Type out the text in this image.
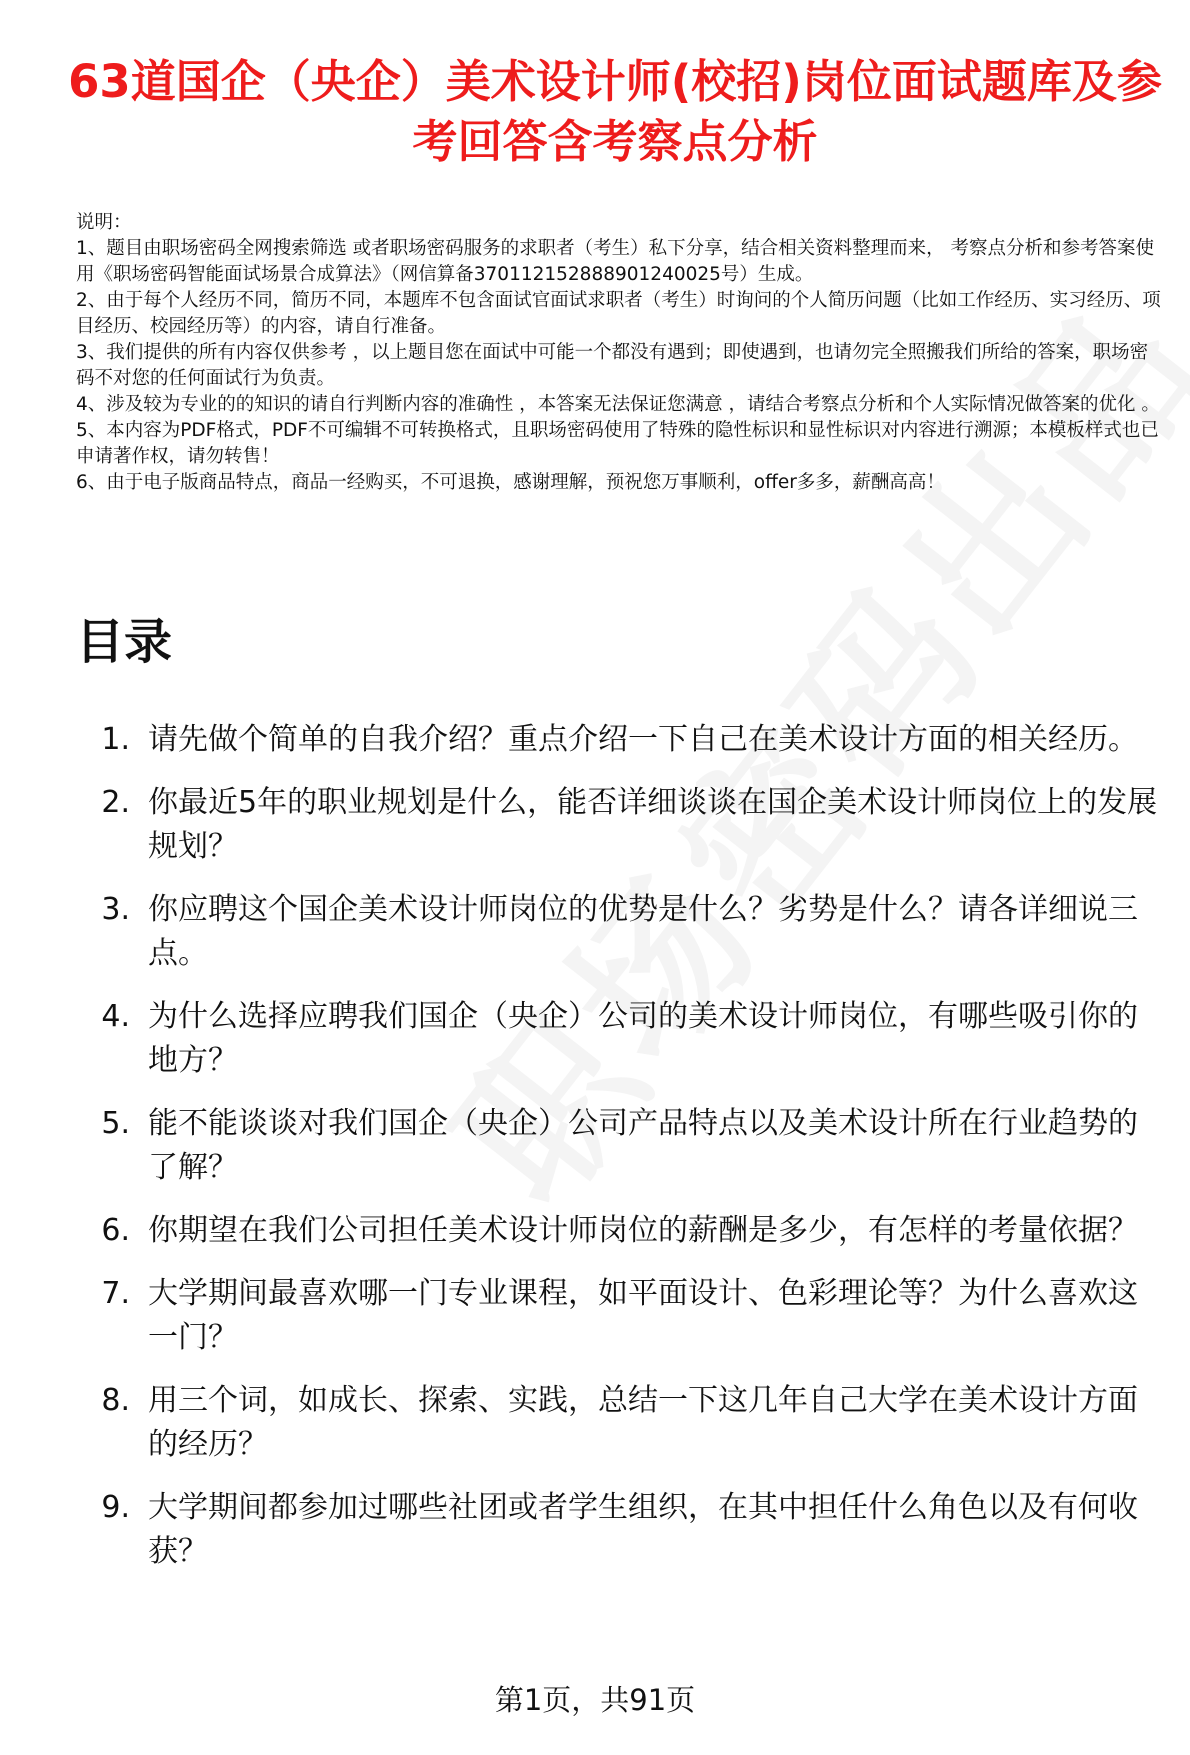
63道国企（央企）美术设计师(校招)岗位面试题库及参考回答含考察点分析

说明：

1、题目由职场密码全网搜索筛选 或者职场密码服务的求职者（考生）私下分享，结合相关资料整理而来， 考察点分析和参考答案使用《职场密码智能面试场景合成算法》（网信算备370112152888901240025号）生成。

2、由于每个人经历不同，简历不同，本题库不包含面试官面试求职者（考生）时询问的个人简历问题（比如工作经历、实习经历、项目经历、校园经历等）的内容，请自行准备。

3、我们提供的所有内容仅供参考 ，以上题目您在面试中可能一个都没有遇到；即使遇到，也请勿完全照搬我们所给的答案，职场密码不对您的任何面试行为负责。

4、涉及较为专业的的知识的请自行判断内容的准确性 ，本答案无法保证您满意 ，请结合考察点分析和个人实际情况做答案的优化 。

5、本内容为PDF格式，PDF不可编辑不可转换格式，且职场密码使用了特殊的隐性标识和显性标识对内容进行溯源；本模板样式也已申请著作权，请勿转售！

6、由于电子版商品特点，商品一经购买，不可退换，感谢理解，预祝您万事顺利，offer多多，薪酬高高！

目录
1. 请先做个简单的自我介绍？重点介绍一下自己在美术设计方面的相关经历。
2. 你最近5年的职业规划是什么，能否详细谈谈在国企美术设计师岗位上的发展规划？
3. 你应聘这个国企美术设计师岗位的优势是什么？劣势是什么？请各详细说三点。
4. 为什么选择应聘我们国企（央企）公司的美术设计师岗位，有哪些吸引你的地方？
5. 能不能谈谈对我们国企（央企）公司产品特点以及美术设计所在行业趋势的了解？
6. 你期望在我们公司担任美术设计师岗位的薪酬是多少，有怎样的考量依据？
7. 大学期间最喜欢哪一门专业课程，如平面设计、色彩理论等？为什么喜欢这一门？
8. 用三个词，如成长、探索、实践，总结一下这几年自己大学在美术设计方面的经历？
9. 大学期间都参加过哪些社团或者学生组织，在其中担任什么角色以及有何收获？
第1页，共91页
